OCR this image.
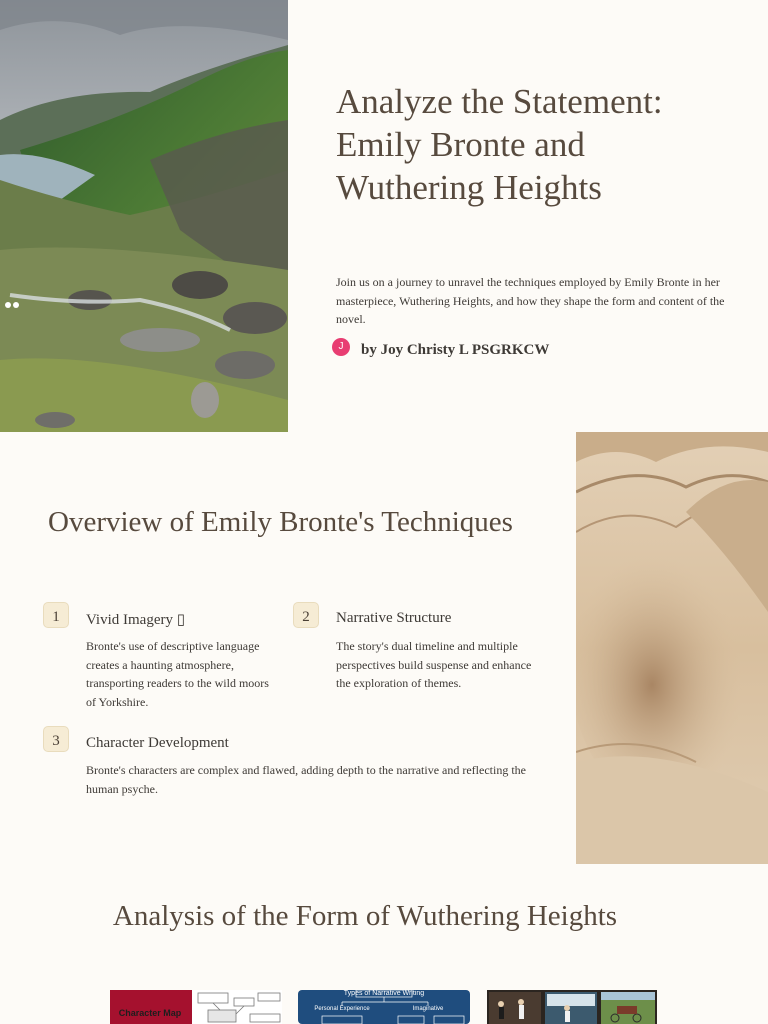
Analyze the Statement: Emily Bronte and Wuthering Heights

Join us on a journey to unravel the techniques employed by Emily Bronte in her masterpiece, Wuthering Heights, and how they shape the form and content of the novel.

J	by Joy Christy L PSGRKCW
Overview of Emily Bronte's Techniques
1	Vivid Imagery ▯

Bronte's use of descriptive language creates a haunting atmosphere, transporting readers to the wild moors of Yorkshire.

2	Narrative Structure

The story's dual timeline and multiple perspectives build suspense and enhance the exploration of themes.

3	Character Development

Bronte's characters are complex and flawed, adding depth to the narrative and reflecting the human psyche.

Analysis of the Form of Wuthering Heights
Character Map
Types of Narrative Writing
Personal Experience	Imaginative
